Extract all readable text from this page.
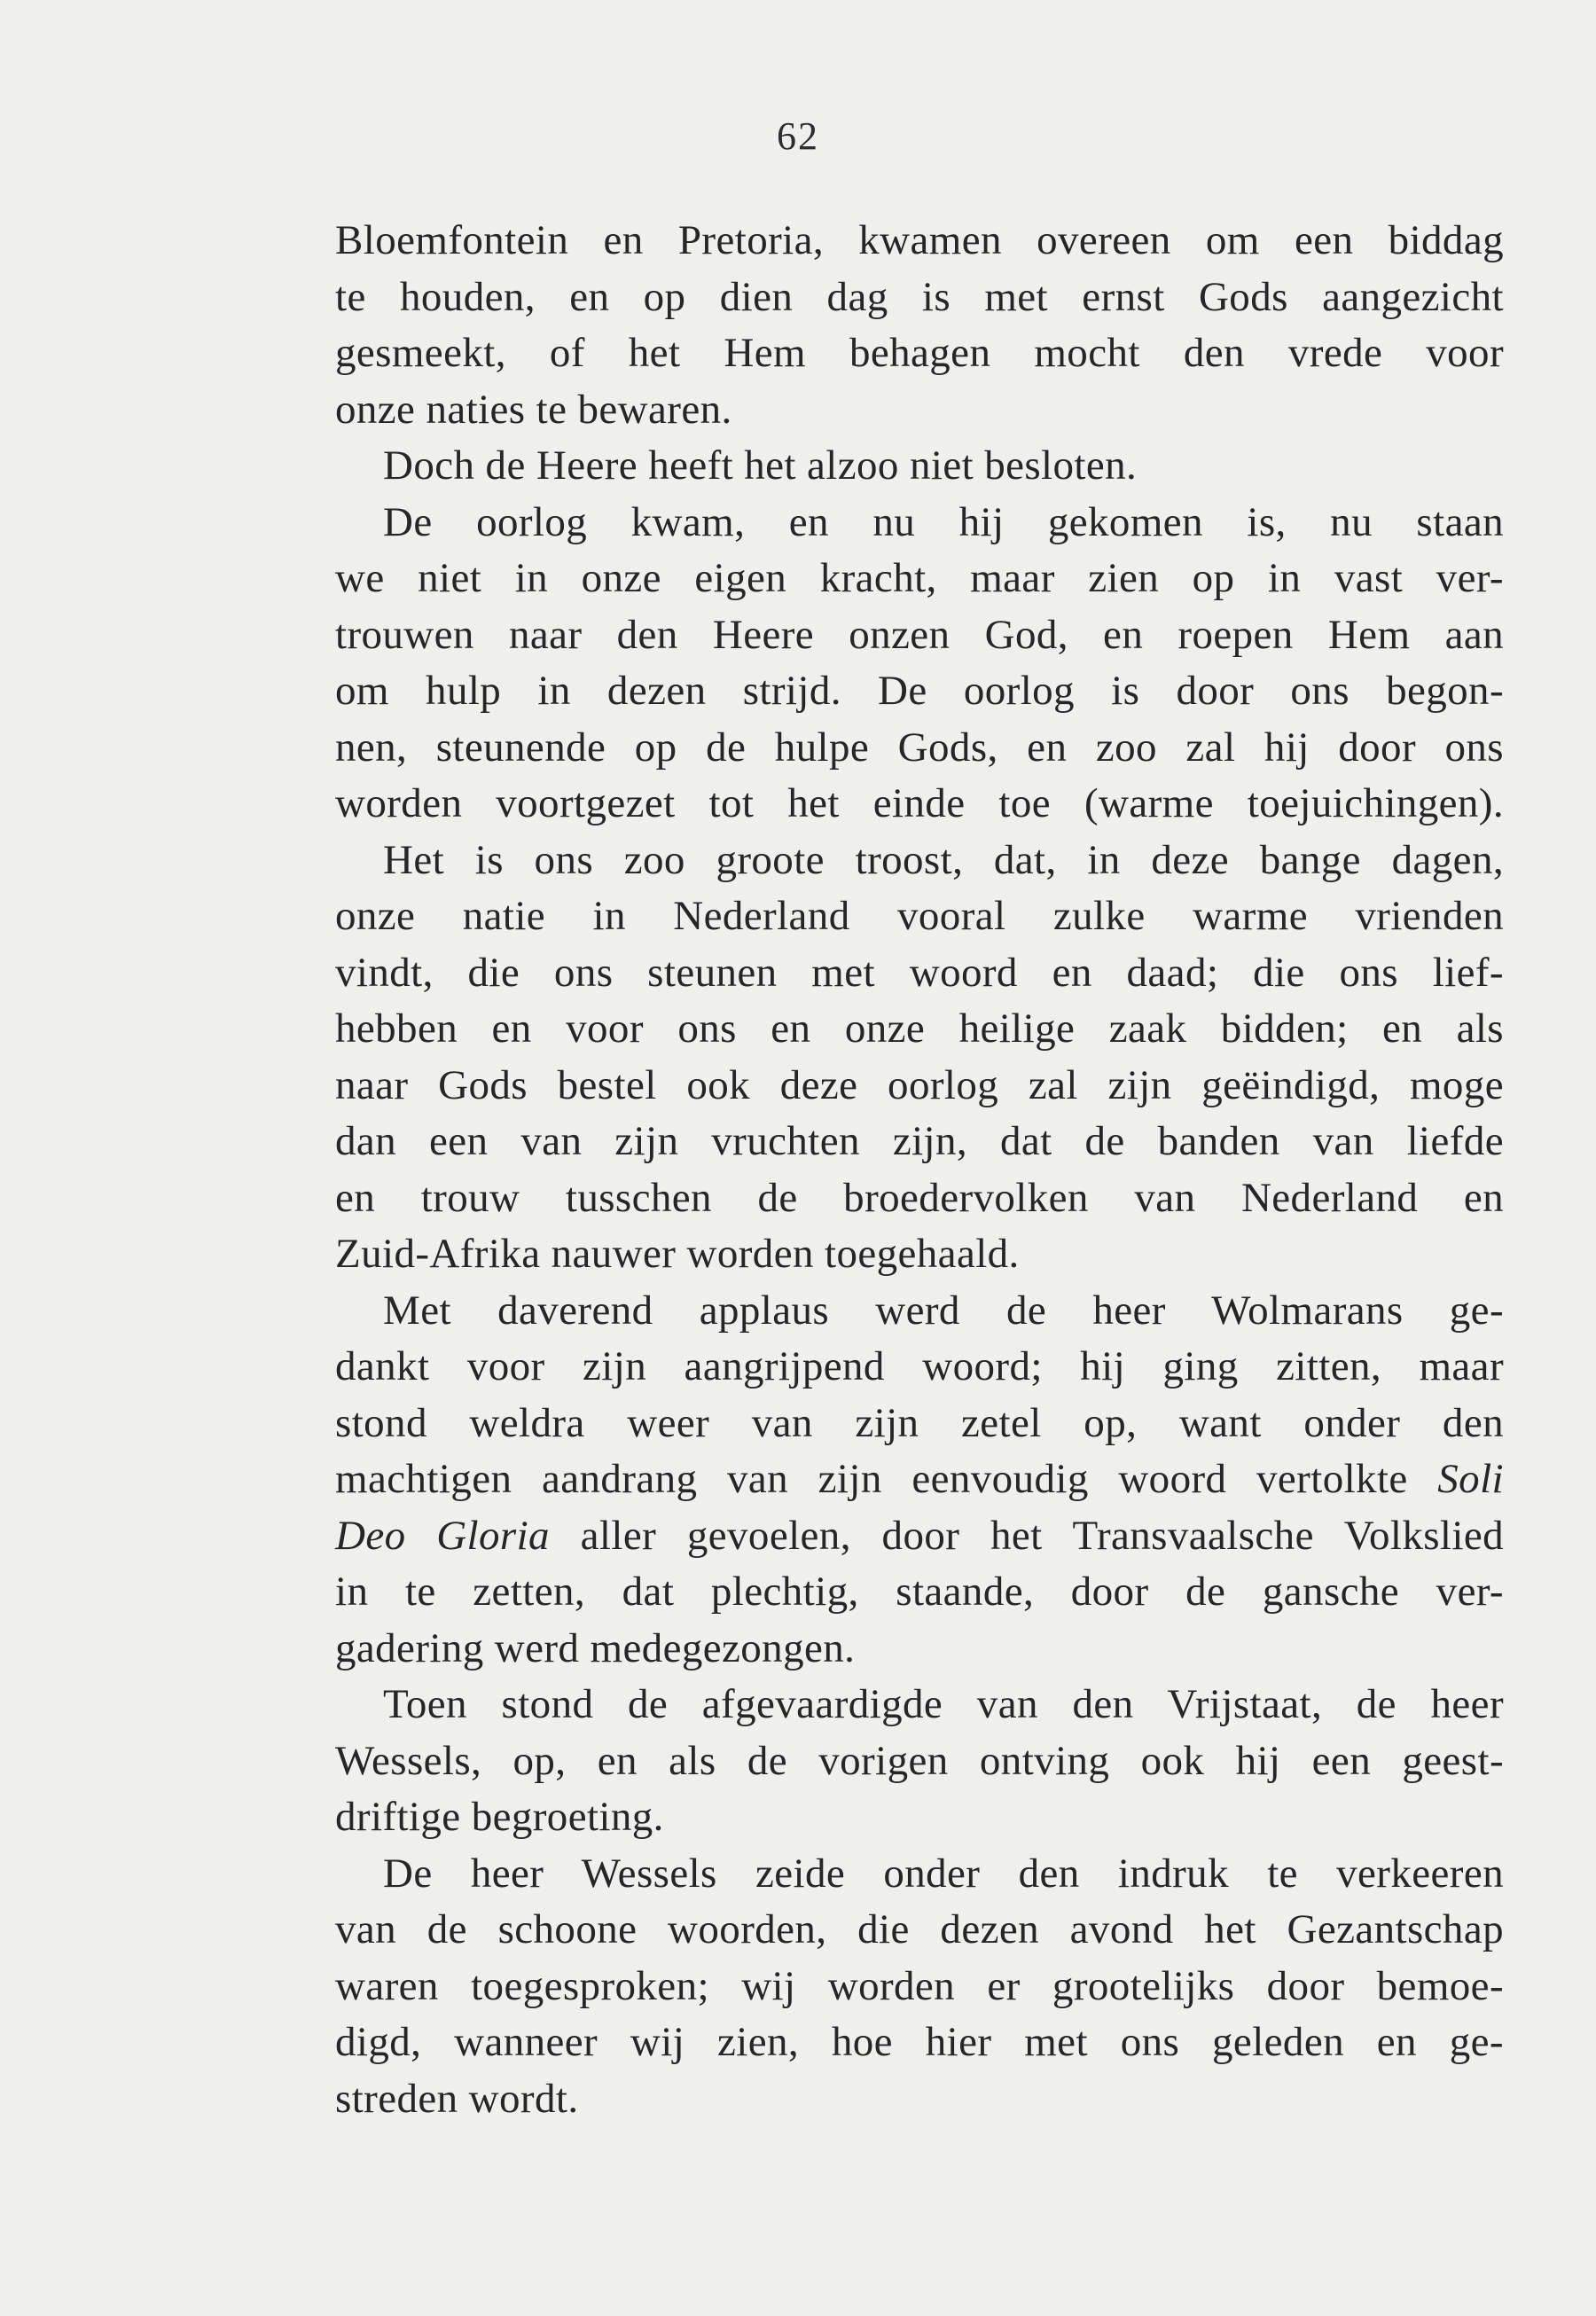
62
Bloemfontein en Pretoria, kwamen overeen om een biddag
te houden, en op dien dag is met ernst Gods aangezicht
gesmeekt, of het Hem behagen mocht den vrede voor
onze naties te bewaren.
Doch de Heere heeft het alzoo niet besloten.
De oorlog kwam, en nu hij gekomen is, nu staan
we niet in onze eigen kracht, maar zien op in vast ver-
trouwen naar den Heere onzen God, en roepen Hem aan
om hulp in dezen strijd. De oorlog is door ons begon-
nen, steunende op de hulpe Gods, en zoo zal hij door ons
worden voortgezet tot het einde toe (warme toejuichingen).
Het is ons zoo groote troost, dat, in deze bange dagen,
onze natie in Nederland vooral zulke warme vrienden
vindt, die ons steunen met woord en daad; die ons lief-
hebben en voor ons en onze heilige zaak bidden; en als
naar Gods bestel ook deze oorlog zal zijn geëindigd, moge
dan een van zijn vruchten zijn, dat de banden van liefde
en trouw tusschen de broedervolken van Nederland en
Zuid-Afrika nauwer worden toegehaald.
Met daverend applaus werd de heer Wolmarans ge-
dankt voor zijn aangrijpend woord; hij ging zitten, maar
stond weldra weer van zijn zetel op, want onder den
machtigen aandrang van zijn eenvoudig woord vertolkte Soli
Deo Gloria aller gevoelen, door het Transvaalsche Volkslied
in te zetten, dat plechtig, staande, door de gansche ver-
gadering werd medegezongen.
Toen stond de afgevaardigde van den Vrijstaat, de heer
Wessels, op, en als de vorigen ontving ook hij een geest-
driftige begroeting.
De heer Wessels zeide onder den indruk te verkeeren
van de schoone woorden, die dezen avond het Gezantschap
waren toegesproken; wij worden er grootelijks door bemoe-
digd, wanneer wij zien, hoe hier met ons geleden en ge-
streden wordt.
